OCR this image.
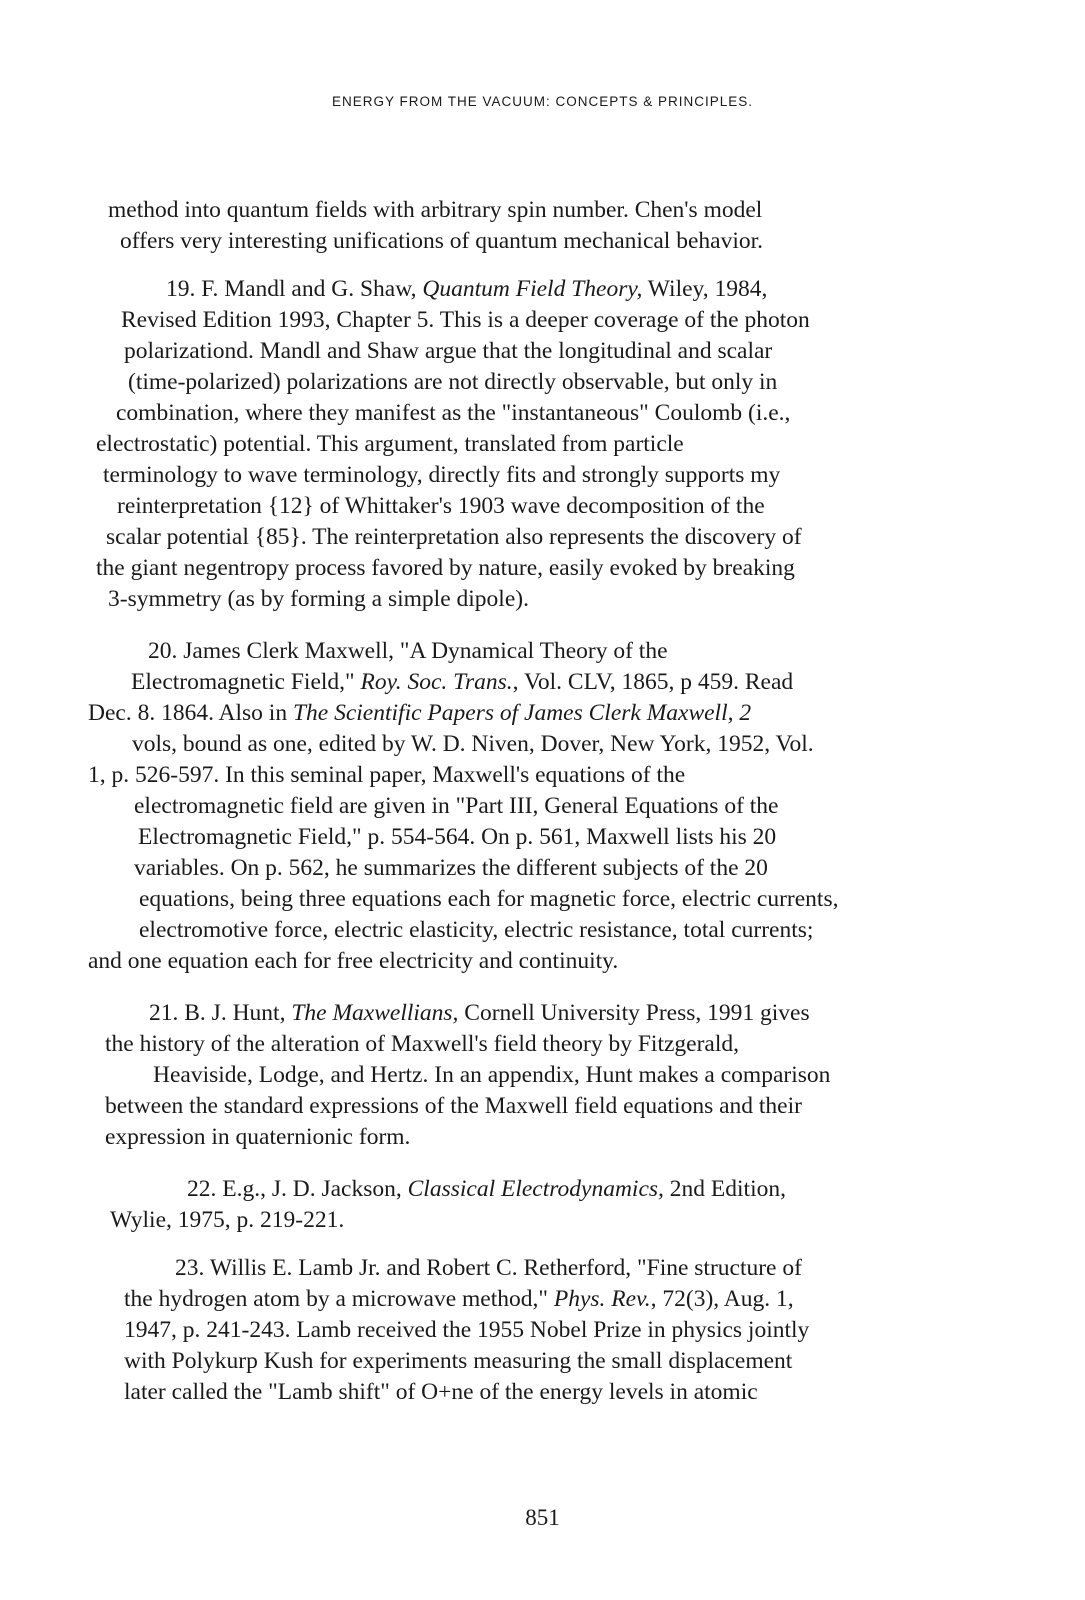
ENERGY FROM THE VACUUM: CONCEPTS & PRINCIPLES.
method into quantum fields with arbitrary spin number. Chen's model
offers very interesting unifications of quantum mechanical behavior.
19. F. Mandl and G. Shaw, Quantum Field Theory, Wiley, 1984,
Revised Edition 1993, Chapter 5. This is a deeper coverage of the photon
polarizationd. Mandl and Shaw argue that the longitudinal and scalar
(time-polarized) polarizations are not directly observable, but only in
combination, where they manifest as the "instantaneous" Coulomb (i.e.,
electrostatic) potential. This argument, translated from particle
terminology to wave terminology, directly fits and strongly supports my
reinterpretation {12} of Whittaker's 1903 wave decomposition of the
scalar potential {85}. The reinterpretation also represents the discovery of
the giant negentropy process favored by nature, easily evoked by breaking
3-symmetry (as by forming a simple dipole).
20. James Clerk Maxwell, "A Dynamical Theory of the
Electromagnetic Field," Roy. Soc. Trans., Vol. CLV, 1865, p 459. Read
Dec. 8. 1864. Also in The Scientific Papers of James Clerk Maxwell, 2
vols, bound as one, edited by W. D. Niven, Dover, New York, 1952, Vol.
1, p. 526-597. In this seminal paper, Maxwell's equations of the
electromagnetic field are given in "Part III, General Equations of the
Electromagnetic Field," p. 554-564. On p. 561, Maxwell lists his 20
variables. On p. 562, he summarizes the different subjects of the 20
equations, being three equations each for magnetic force, electric currents,
electromotive force, electric elasticity, electric resistance, total currents;
and one equation each for free electricity and continuity.
21. B. J. Hunt, The Maxwellians, Cornell University Press, 1991 gives
the history of the alteration of Maxwell's field theory by Fitzgerald,
Heaviside, Lodge, and Hertz. In an appendix, Hunt makes a comparison
between the standard expressions of the Maxwell field equations and their
expression in quaternionic form.
22. E.g., J. D. Jackson, Classical Electrodynamics, 2nd Edition,
Wylie, 1975, p. 219-221.
23. Willis E. Lamb Jr. and Robert C. Retherford, "Fine structure of
the hydrogen atom by a microwave method," Phys. Rev., 72(3), Aug. 1,
1947, p. 241-243. Lamb received the 1955 Nobel Prize in physics jointly
with Polykurp Kush for experiments measuring the small displacement
later called the "Lamb shift" of O+ne of the energy levels in atomic
851
